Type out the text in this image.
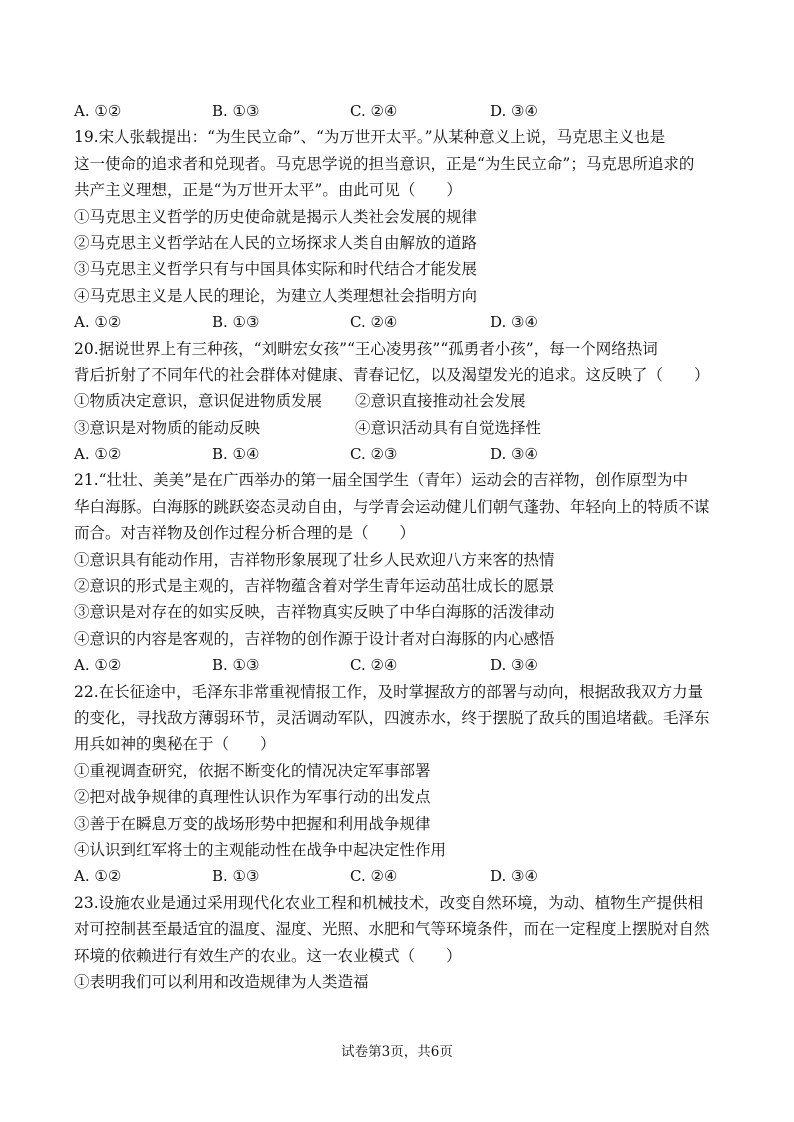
A. ①②	B. ①③	C. ②④	D. ③④
19.宋人张载提出：“为生民立命”、“为万世开太平。”从某种意义上说，马克思主义也是
这一使命的追求者和兑现者。马克思学说的担当意识，正是“为生民立命”；马克思所追求的
共产主义理想，正是“为万世开太平”。由此可见（　　）
①马克思主义哲学的历史使命就是揭示人类社会发展的规律
②马克思主义哲学站在人民的立场探求人类自由解放的道路
③马克思主义哲学只有与中国具体实际和时代结合才能发展
④马克思主义是人民的理论，为建立人类理想社会指明方向
A. ①②	B. ①③	C. ②④	D. ③④
20.据说世界上有三种孩，“刘畊宏女孩”“王心凌男孩”“孤勇者小孩”，每一个网络热词
背后折射了不同年代的社会群体对健康、青春记忆，以及渴望发光的追求。这反映了（　　）
①物质决定意识，意识促进物质发展	②意识直接推动社会发展
③意识是对物质的能动反映	④意识活动具有自觉选择性
A. ①②	B. ①④	C. ②③	D. ③④
21.“壮壮、美美”是在广西举办的第一届全国学生（青年）运动会的吉祥物，创作原型为中
华白海豚。白海豚的跳跃姿态灵动自由，与学青会运动健儿们朝气蓬勃、年轻向上的特质不谋
而合。对吉祥物及创作过程分析合理的是（　　）
①意识具有能动作用，吉祥物形象展现了壮乡人民欢迎八方来客的热情
②意识的形式是主观的，吉祥物蕴含着对学生青年运动茁壮成长的愿景
③意识是对存在的如实反映，吉祥物真实反映了中华白海豚的活泼律动
④意识的内容是客观的，吉祥物的创作源于设计者对白海豚的内心感悟
A. ①②	B. ①③	C. ②④	D. ③④
22.在长征途中，毛泽东非常重视情报工作，及时掌握敌方的部署与动向，根据敌我双方力量
的变化，寻找敌方薄弱环节，灵活调动军队，四渡赤水，终于摆脱了敌兵的围追堵截。毛泽东
用兵如神的奥秘在于（　　）
①重视调查研究，依据不断变化的情况决定军事部署
②把对战争规律的真理性认识作为军事行动的出发点
③善于在瞬息万变的战场形势中把握和利用战争规律
④认识到红军将士的主观能动性在战争中起决定性作用
A. ①②	B. ①③	C. ②④	D. ③④
23.设施农业是通过采用现代化农业工程和机械技术，改变自然环境，为动、植物生产提供相
对可控制甚至最适宜的温度、湿度、光照、水肥和气等环境条件，而在一定程度上摆脱对自然
环境的依赖进行有效生产的农业。这一农业模式（　　）
①表明我们可以利用和改造规律为人类造福
试卷第3页，共6页
